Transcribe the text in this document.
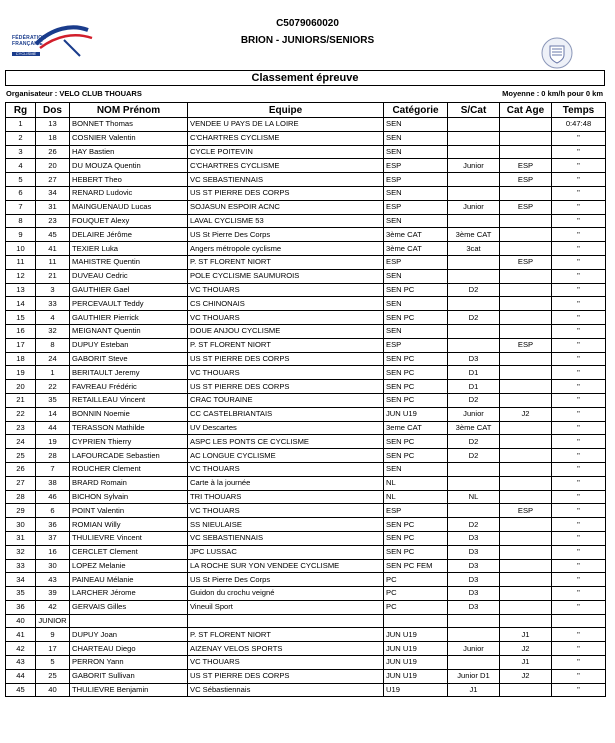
FÉDÉRATION
FRANÇAISE
CYCLISME
C5079060020
BRION - JUNIORS/SENIORS
Classement épreuve
Organisateur : VELO CLUB THOUARS	Moyenne : 0 km/h pour 0 km
Rg	Dos	NOM Prénom	Equipe	Catégorie	S/Cat	Cat Age	Temps
1	13	BONNET Thomas	VENDEE U PAYS DE LA LOIRE	SEN			0:47:48
2	18	COSNIER Valentin	C'CHARTRES CYCLISME	SEN			"
3	26	HAY Bastien	CYCLE POITEVIN	SEN			"
4	20	DU MOUZA Quentin	C'CHARTRES CYCLISME	ESP	Junior	ESP	"
5	27	HEBERT Theo	VC SEBASTIENNAIS	ESP		ESP	"
6	34	RENARD Ludovic	US ST PIERRE DES CORPS	SEN			"
7	31	MAINGUENAUD Lucas	SOJASUN ESPOIR ACNC	ESP	Junior	ESP	"
8	23	FOUQUET Alexy	LAVAL CYCLISME 53	SEN			"
9	45	DELAIRE Jérôme	US St Pierre Des Corps	3ème CAT	3ème CAT		"
10	41	TEXIER Luka	Angers métropole cyclisme	3ème CAT	3cat		"
11	11	MAHISTRE Quentin	P. ST FLORENT NIORT	ESP		ESP	"
12	21	DUVEAU Cedric	POLE CYCLISME SAUMUROIS	SEN			"
13	3	GAUTHIER Gael	VC THOUARS	SEN PC	D2		"
14	33	PERCEVAULT Teddy	CS CHINONAIS	SEN			"
15	4	GAUTHIER Pierrick	VC THOUARS	SEN PC	D2		"
16	32	MEIGNANT Quentin	DOUE ANJOU CYCLISME	SEN			"
17	8	DUPUY Esteban	P. ST FLORENT NIORT	ESP		ESP	"
18	24	GABORIT Steve	US ST PIERRE DES CORPS	SEN PC	D3		"
19	1	BERITAULT Jeremy	VC THOUARS	SEN PC	D1		"
20	22	FAVREAU Frédéric	US ST PIERRE DES CORPS	SEN PC	D1		"
21	35	RETAILLEAU Vincent	CRAC TOURAINE	SEN PC	D2		"
22	14	BONNIN Noemie	CC CASTELBRIANTAIS	JUN U19	Junior	J2	"
23	44	TERASSON Mathilde	UV Descartes	3eme CAT	3ème CAT		"
24	19	CYPRIEN Thierry	ASPC LES PONTS CE CYCLISME	SEN PC	D2		"
25	28	LAFOURCADE Sebastien	AC LONGUE CYCLISME	SEN PC	D2		"
26	7	ROUCHER Clement	VC THOUARS	SEN			"
27	38	BRARD Romain	Carte à la journée	NL			"
28	46	BICHON Sylvain	TRI THOUARS	NL	NL		"
29	6	POINT Valentin	VC THOUARS	ESP		ESP	"
30	36	ROMIAN Willy	SS NIEULAISE	SEN PC	D2		"
31	37	THULIEVRE Vincent	VC SEBASTIENNAIS	SEN PC	D3		"
32	16	CERCLET Clement	JPC LUSSAC	SEN PC	D3		"
33	30	LOPEZ Melanie	LA ROCHE SUR YON VENDEE CYCLISME	SEN PC FEM	D3		"
34	43	PAINEAU Mélanie	US St Pierre Des Corps	PC	D3		"
35	39	LARCHER Jérome	Guidon du crochu veigné	PC	D3		"
36	42	GERVAIS Gilles	Vineuil Sport	PC	D3		"
40	JUNIOR						
41	9	DUPUY Joan	P. ST FLORENT NIORT	JUN U19		J1	"
42	17	CHARTEAU Diego	AIZENAY VELOS SPORTS	JUN U19	Junior	J2	"
43	5	PERRON Yann	VC THOUARS	JUN U19		J1	"
44	25	GABORIT Sullivan	US ST PIERRE DES CORPS	JUN U19	Junior D1	J2	"
45	40	THULIEVRE Benjamin	VC Sébastiennais	U19	J1		"
